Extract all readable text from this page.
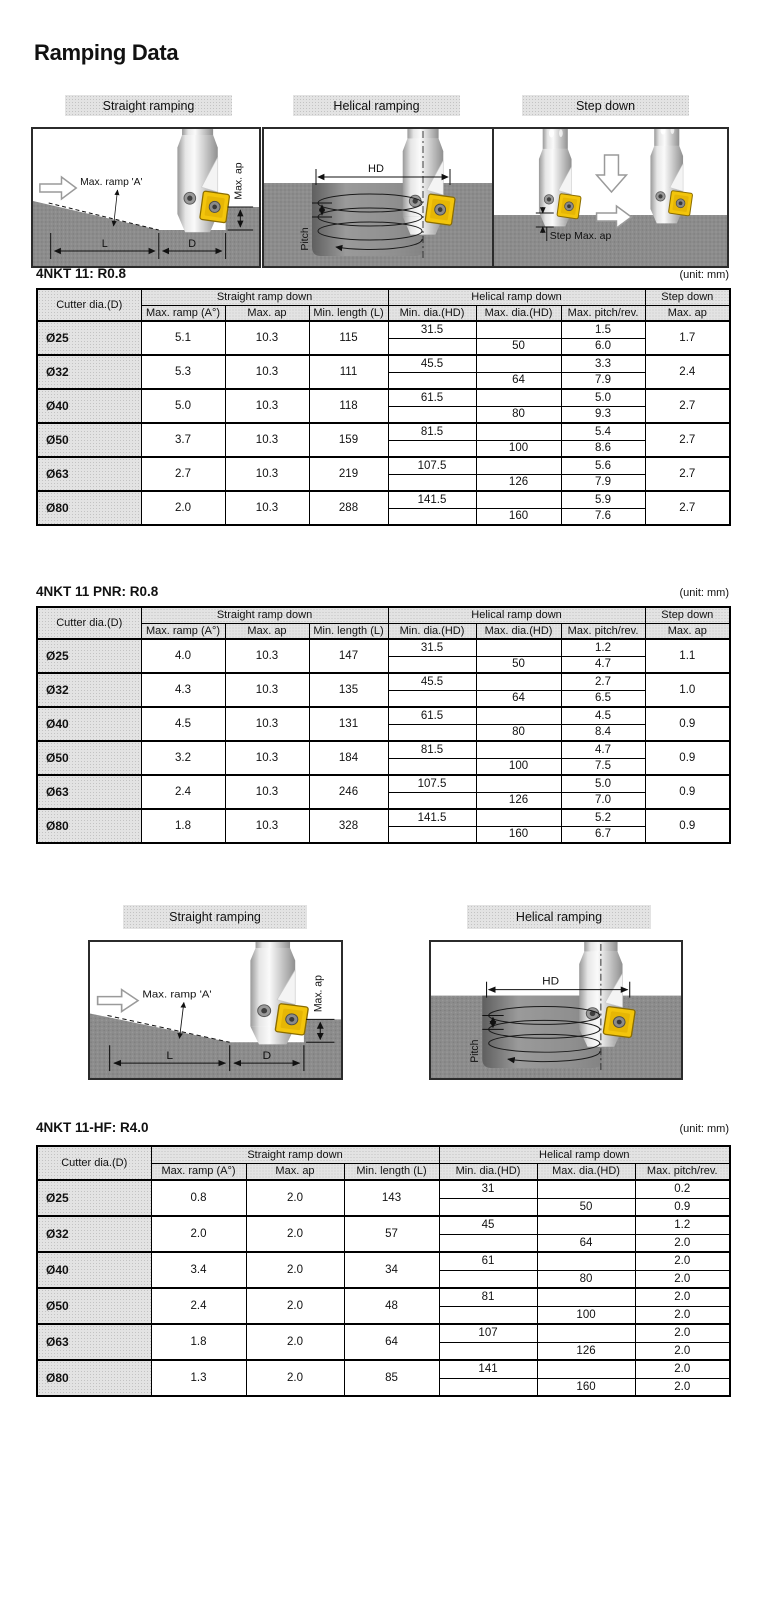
Ramping Data
Straight ramping	Helical ramping	Step down
Max. ramp 'A'
L	D
Max. ap	HD
Pitch	Step Max. ap
4NKT 11: R0.8	(unit: mm)
Cutter dia.(D)	Straight ramp down			Helical ramp down			Step down
	Max. ramp (A°)	Max. ap	Min. length (L)	Min. dia.(HD)	Max. dia.(HD)	Max. pitch/rev.	Max. ap
Ø25	5.1	10.3	115	31.5		1.5	1.7
					50	6.0	
Ø32	5.3	10.3	111	45.5		3.3	2.4
					64	7.9	
Ø40	5.0	10.3	118	61.5		5.0	2.7
					80	9.3	
Ø50	3.7	10.3	159	81.5		5.4	2.7
					100	8.6	
Ø63	2.7	10.3	219	107.5		5.6	2.7
					126	7.9	
Ø80	2.0	10.3	288	141.5		5.9	2.7
					160	7.6	
4NKT 11 PNR: R0.8	(unit: mm)
Cutter dia.(D)	Straight ramp down			Helical ramp down			Step down
	Max. ramp (A°)	Max. ap	Min. length (L)	Min. dia.(HD)	Max. dia.(HD)	Max. pitch/rev.	Max. ap
Ø25	4.0	10.3	147	31.5		1.2	1.1
					50	4.7	
Ø32	4.3	10.3	135	45.5		2.7	1.0
					64	6.5	
Ø40	4.5	10.3	131	61.5		4.5	0.9
					80	8.4	
Ø50	3.2	10.3	184	81.5		4.7	0.9
					100	7.5	
Ø63	2.4	10.3	246	107.5		5.0	0.9
					126	7.0	
Ø80	1.8	10.3	328	141.5		5.2	0.9
					160	6.7	
Straight ramping	Helical ramping
Max. ramp 'A'
L	D
Max. ap	HD
Pitch
4NKT 11-HF: R4.0	(unit: mm)
Cutter dia.(D)	Straight ramp down			Helical ramp down		
	Max. ramp (A°)	Max. ap	Min. length (L)	Min. dia.(HD)	Max. dia.(HD)	Max. pitch/rev.
Ø25	0.8	2.0	143	31		0.2
					50	0.9
Ø32	2.0	2.0	57	45		1.2
					64	2.0
Ø40	3.4	2.0	34	61		2.0
					80	2.0
Ø50	2.4	2.0	48	81		2.0
					100	2.0
Ø63	1.8	2.0	64	107		2.0
					126	2.0
Ø80	1.3	2.0	85	141		2.0
					160	2.0
